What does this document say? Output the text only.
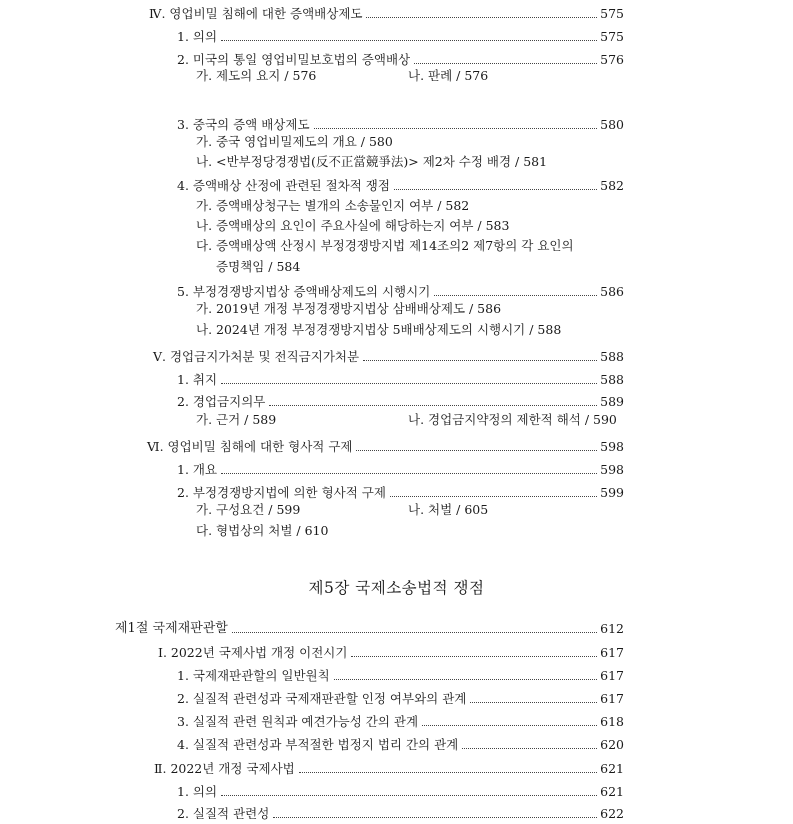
Ⅳ. 영업비밀 침해에 대한 증액배상제도	575
1. 의의	575
2. 미국의 통일 영업비밀보호법의 증액배상	576
가. 제도의 요지 / 576	나. 판례 / 576
3. 중국의 증액 배상제도	580
가. 중국 영업비밀제도의 개요 / 580
나. <반부정당경쟁법(反不正當競爭法)> 제2차 수정 배경 / 581
4. 증액배상 산정에 관련된 절차적 쟁점	582
가. 증액배상청구는 별개의 소송물인지 여부 / 582
나. 증액배상의 요인이 주요사실에 해당하는지 여부 / 583
다. 증액배상액 산정시 부정경쟁방지법 제14조의2 제7항의 각 요인의
증명책임 / 584
5. 부정경쟁방지법상 증액배상제도의 시행시기	586
가. 2019년 개정 부정경쟁방지법상 삼배배상제도 / 586
나. 2024년 개정 부정경쟁방지법상 5배배상제도의 시행시기 / 588
Ⅴ. 경업금지가처분 및 전직금지가처분	588
1. 취지	588
2. 경업금지의무	589
가. 근거 / 589	나. 경업금지약정의 제한적 해석 / 590
Ⅵ. 영업비밀 침해에 대한 형사적 구제	598
1. 개요	598
2. 부정경쟁방지법에 의한 형사적 구제	599
가. 구성요건 / 599	나. 처벌 / 605
다. 형법상의 처벌 / 610
제5장 국제소송법적 쟁점
제1절 국제재판관할	612
Ⅰ. 2022년 국제사법 개정 이전시기	617
1. 국제재판관할의 일반원칙	617
2. 실질적 관련성과 국제재판관할 인정 여부와의 관계	617
3. 실질적 관련 원칙과 예견가능성 간의 관계	618
4. 실질적 관련성과 부적절한 법정지 법리 간의 관계	620
Ⅱ. 2022년 개정 국제사법	621
1. 의의	621
2. 실질적 관련성	622
